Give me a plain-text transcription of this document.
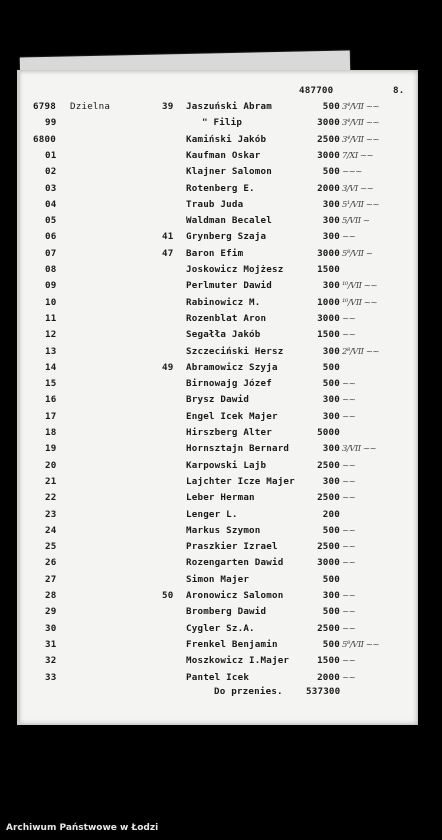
487700	8.
6798 Dzielna	39 Jaszuński Abram	500 3⁴/VII ~~
99	" Filip	3000 3⁴/VII ~~
6800	Kamiński Jakób	2500 3⁴/VII ~~
01	Kaufman Oskar	3000 7/XI ~~
02	Klajner Salomon	500 ~~~
03	Rotenberg E.	2000 3/VI ~~
04	Traub Juda	300 5¹/VII ~~
05	Waldman Becalel	300 5/VII ~
06	41 Grynberg Szaja	300 ~~
07	47 Baron Efim	3000 5⁸/VII ~
08	Joskowicz Mojżesz	1500
09	Perlmuter Dawid	300 ¹⁰/VII ~~
10	Rabinowicz M.	1000 ¹⁰/VII ~~
11	Rozenblat Aron	3000 ~~
12	Segałła Jakób	1500 ~~
13	Szczeciński Hersz	300 2⁸/VII ~~
14	49 Abramowicz Szyja	500
15	Birnowajg Józef	500 ~~
16	Brysz Dawid	300 ~~
17	Engel Icek Majer	300 ~~
18	Hirszberg Alter	5000
19	Hornsztajn Bernard	300 3/VII ~~
20	Karpowski Lajb	2500 ~~
21	Lajchter Icze Majer	300 ~~
22	Leber Herman	2500 ~~
23	Lenger L.	200
24	Markus Szymon	500 ~~
25	Praszkier Izrael	2500 ~~
26	Rozengarten Dawid	3000 ~~
27	Simon Majer	500
28	50 Aronowicz Salomon	300 ~~
29	Bromberg Dawid	500 ~~
30	Cygler Sz.A.	2500 ~~
31	Frenkel Benjamin	500 5⁸/VII ~~
32	Moszkowicz I.Majer	1500 ~~
33	Pantel Icek	2000 ~~
Do przenies.	537300
Archiwum Państwowe w Łodzi
